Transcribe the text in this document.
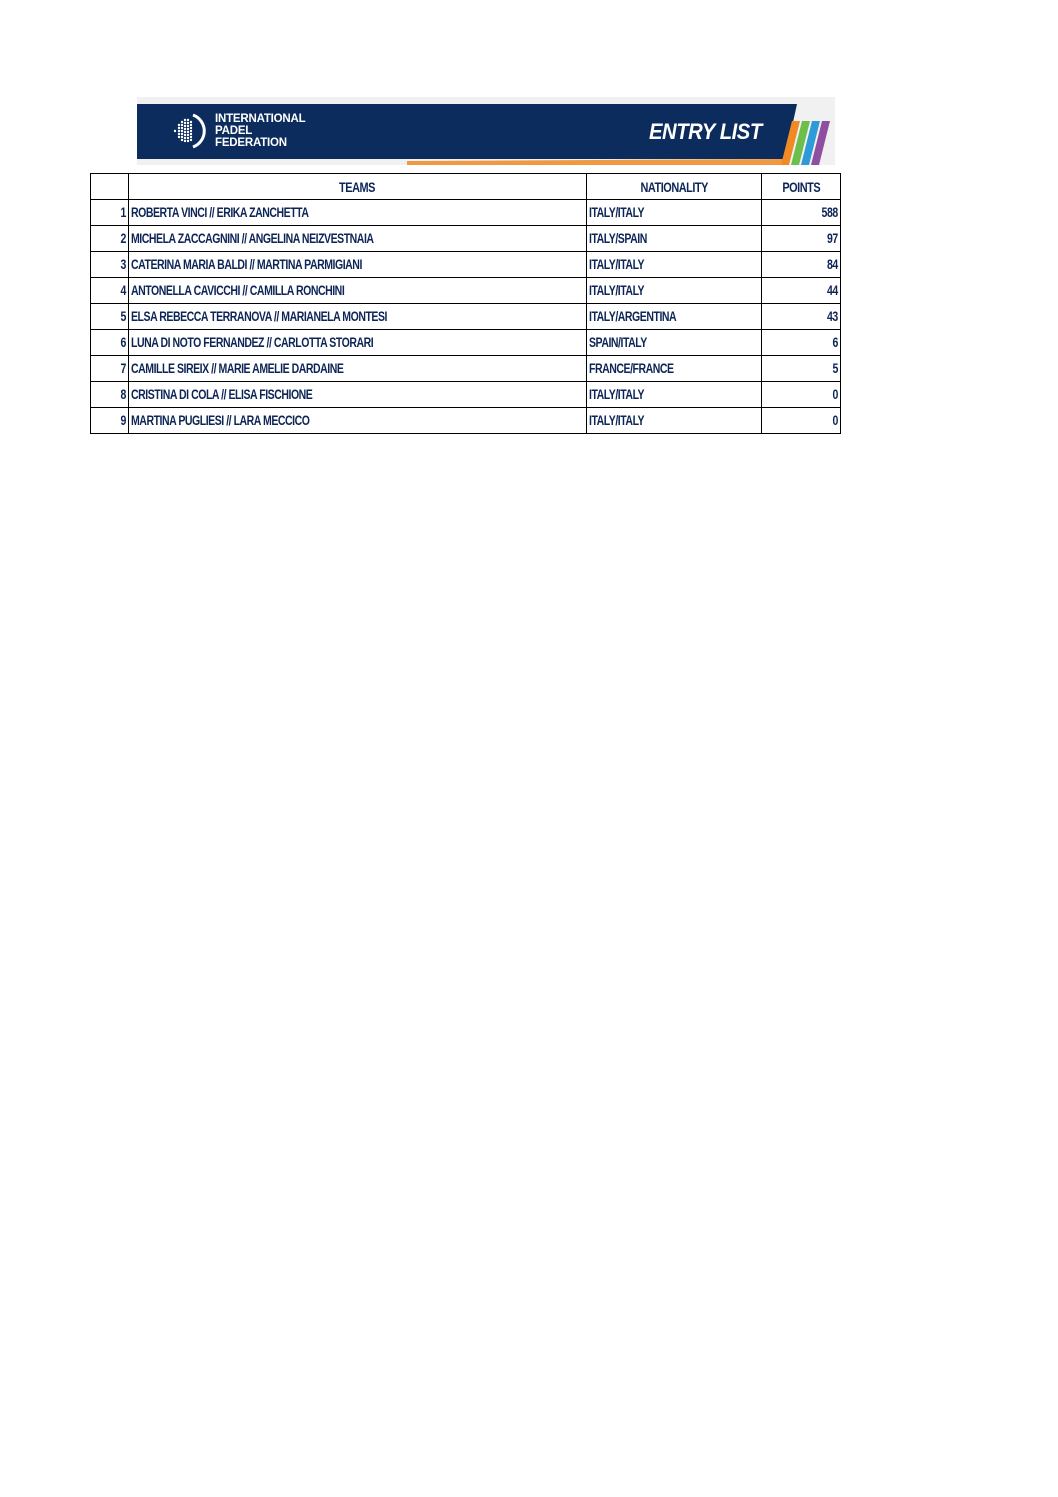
INTERNATIONAL
PADEL
FEDERATION	ENTRY LIST
	TEAMS	NATIONALITY	POINTS
1	ROBERTA VINCI // ERIKA ZANCHETTA	ITALY/ITALY	588
2	MICHELA ZACCAGNINI // ANGELINA NEIZVESTNAIA	ITALY/SPAIN	97
3	CATERINA MARIA BALDI // MARTINA PARMIGIANI	ITALY/ITALY	84
4	ANTONELLA CAVICCHI // CAMILLA RONCHINI	ITALY/ITALY	44
5	ELSA REBECCA TERRANOVA // MARIANELA MONTESI	ITALY/ARGENTINA	43
6	LUNA DI NOTO FERNANDEZ // CARLOTTA STORARI	SPAIN/ITALY	6
7	CAMILLE SIREIX // MARIE AMELIE DARDAINE	FRANCE/FRANCE	5
8	CRISTINA DI COLA // ELISA FISCHIONE	ITALY/ITALY	0
9	MARTINA PUGLIESI // LARA MECCICO	ITALY/ITALY	0
